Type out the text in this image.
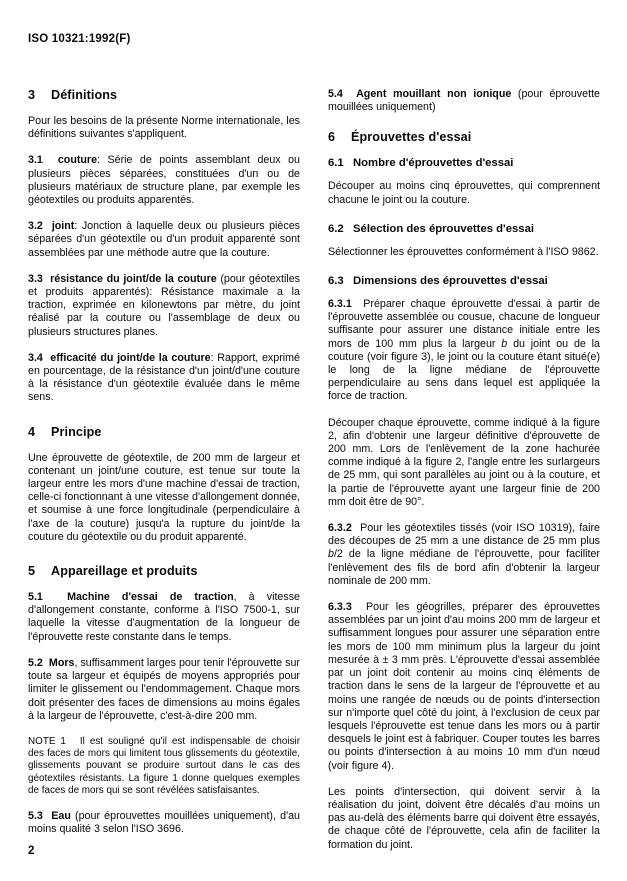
ISO 10321:1992(F)
3 Définitions

Pour les besoins de la présente Norme internationale, les définitions suivantes s'appliquent.

3.1 couture: Série de points assemblant deux ou plusieurs pièces séparées, constituées d'un ou de plusieurs matériaux de structure plane, par exemple les géotextiles ou produits apparentés.

3.2 joint: Jonction à laquelle deux ou plusieurs pièces séparées d'un géotextile ou d'un produit apparenté sont assemblées par une méthode autre que la couture.

3.3 résistance du joint/de la couture (pour géotextiles et produits apparentés): Résistance maximale a la traction, exprimée en kilonewtons par mètre, du joint réalisé par la couture ou l'assemblage de deux ou plusieurs structures planes.

3.4 efficacité du joint/de la couture: Rapport, exprimé en pourcentage, de la résistance d'un joint/d'une couture à la résistance d'un géotextile évaluée dans le même sens.

4 Principe

Une éprouvette de géotextile, de 200 mm de largeur et contenant un joint/une couture, est tenue sur toute la largeur entre les mors d'une machine d'essai de traction, celle-ci fonctionnant à une vitesse d'allongement donnée, et soumise à une force longitudinale (perpendiculaire à l'axe de la couture) jusqu'a la rupture du joint/de la couture du géotextile ou du produit apparenté.

5 Appareillage et produits

5.1 Machine d'essai de traction, à vitesse d'allongement constante, conforme à l'ISO 7500-1, sur laquelle la vitesse d'augmentation de la longueur de l'éprouvette reste constante dans le temps.

5.2 Mors, suffisamment larges pour tenir l'éprouvette sur toute sa largeur et équipés de moyens appropriés pour limiter le glissement ou l'endommagement. Chaque mors doit présenter des faces de dimensions au moins égales à la largeur de l'éprouvette, c'est-à-dire 200 mm.

NOTE 1 Il est souligné qu'il est indispensable de choisir des faces de mors qui limitent tous glissements du géotextile, glissements pouvant se produire surtout dans le cas des géotextiles résistants. La figure 1 donne quelques exemples de faces de mors qui se sont révélées satisfaisantes.

5.3 Eau (pour éprouvettes mouillées uniquement), d'au moins qualité 3 selon l'ISO 3696.

5.4 Agent mouillant non ionique (pour éprouvette mouillées uniquement)

6 Éprouvettes d'essai
6.1 Nombre d'éprouvettes d'essai

Découper au moins cinq éprouvettes, qui comprennent chacune le joint ou la couture.

6.2 Sélection des éprouvettes d'essai

Sélectionner les éprouvettes conformément à l'ISO 9862.

6.3 Dimensions des éprouvettes d'essai

6.3.1 Préparer chaque éprouvette d'essai à partir de l'éprouvette assemblée ou cousue, chacune de longueur suffisante pour assurer une distance initiale entre les mors de 100 mm plus la largeur b du joint ou de la couture (voir figure 3), le joint ou la couture étant situé(e) le long de la ligne médiane de l'éprouvette perpendiculaire au sens dans lequel est appliquée la force de traction.

Découper chaque éprouvette, comme indiqué à la figure 2, afin d'obtenir une largeur définitive d'éprouvette de 200 mm. Lors de l'enlèvement de la zone hachurée comme indiqué à la figure 2, l'angle entre les surlargeurs de 25 mm, qui sont parallèles au joint ou à la couture, et la partie de l'éprouvette ayant une largeur finie de 200 mm doit être de 90°.

6.3.2 Pour les géotextiles tissés (voir ISO 10319), faire des découpes de 25 mm a une distance de 25 mm plus b/2 de la ligne médiane de l'éprouvette, pour faciliter l'enlèvement des fils de bord afin d'obtenir la largeur nominale de 200 mm.

6.3.3 Pour les géogrilles, préparer des éprouvettes assemblées par un joint d'au moins 200 mm de largeur et suffisamment longues pour assurer une séparation entre les mors de 100 mm minimum plus la largeur du joint mesurée à ± 3 mm près. L'éprouvette d'essai assemblée par un joint doit contenir au moins cinq éléments de traction dans le sens de la largeur de l'éprouvette et au moins une rangée de nœuds ou de points d'intersection sur n'importe quel côté du joint, à l'exclusion de ceux par lesquels l'éprouvette est tenue dans les mors ou à partir desquels le joint est à fabriquer. Couper toutes les barres ou points d'intersection à au moins 10 mm d'un nœud (voir figure 4).

Les points d'intersection, qui doivent servir à la réalisation du joint, doivent être décalés d'au moins un pas au-delà des éléments barre qui doivent être essayés, de chaque côté de l'éprouvette, cela afin de faciliter la formation du joint.

2
